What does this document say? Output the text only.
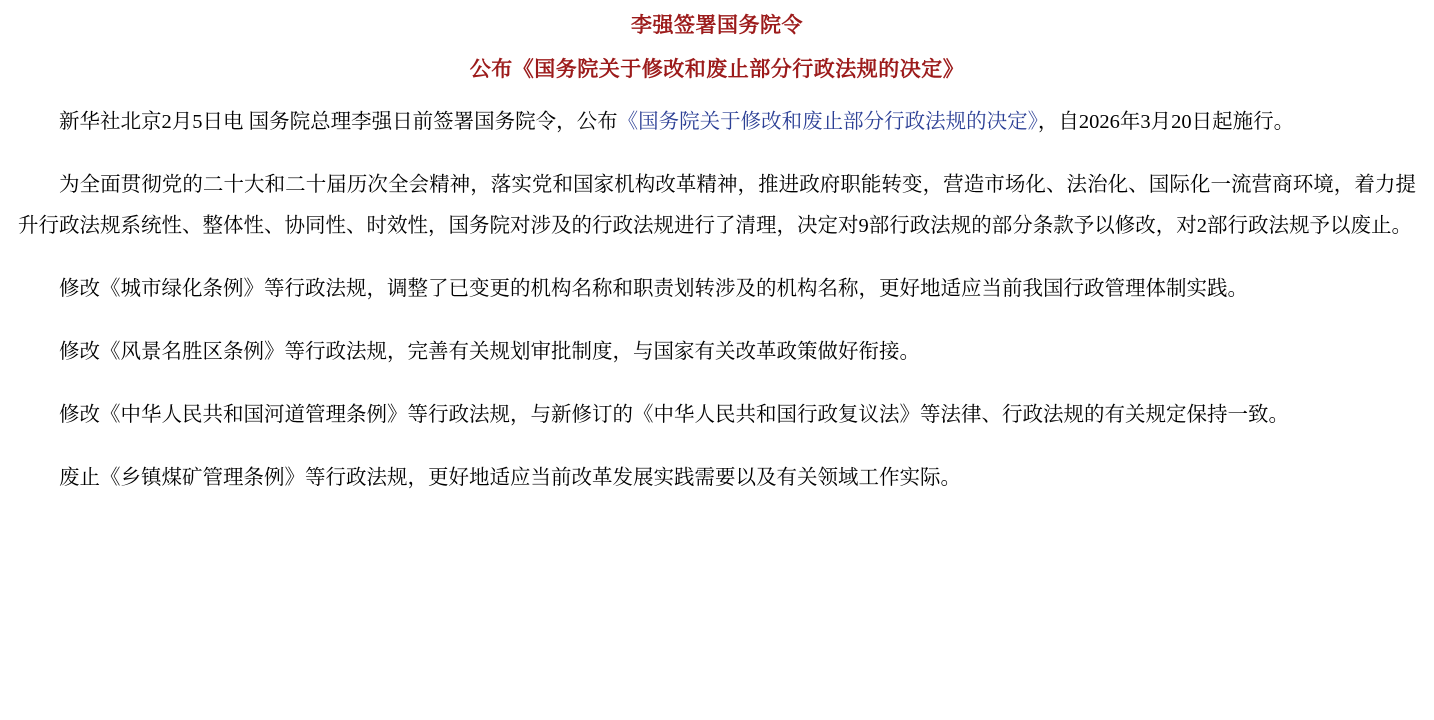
李强签署国务院令
公布《国务院关于修改和废止部分行政法规的决定》

新华社北京2月5日电 国务院总理李强日前签署国务院令，公布《国务院关于修改和废止部分行政法规的决定》，自2026年3月20日起施行。

为全面贯彻党的二十大和二十届历次全会精神，落实党和国家机构改革精神，推进政府职能转变，营造市场化、法治化、国际化一流营商环境，着力提升行政法规系统性、整体性、协同性、时效性，国务院对涉及的行政法规进行了清理，决定对9部行政法规的部分条款予以修改，对2部行政法规予以废止。

修改《城市绿化条例》等行政法规，调整了已变更的机构名称和职责划转涉及的机构名称，更好地适应当前我国行政管理体制实践。

修改《风景名胜区条例》等行政法规，完善有关规划审批制度，与国家有关改革政策做好衔接。

修改《中华人民共和国河道管理条例》等行政法规，与新修订的《中华人民共和国行政复议法》等法律、行政法规的有关规定保持一致。

废止《乡镇煤矿管理条例》等行政法规，更好地适应当前改革发展实践需要以及有关领域工作实际。
